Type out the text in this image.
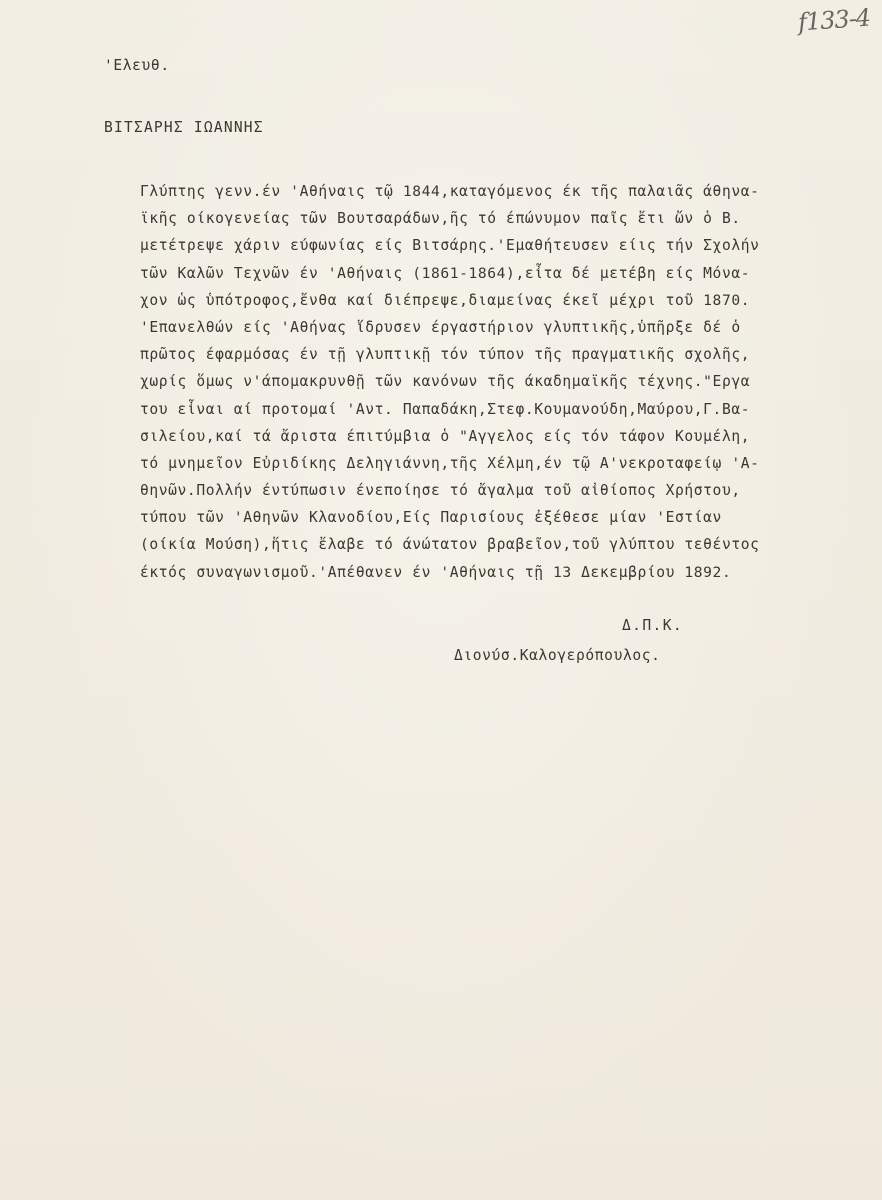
f133-4
'Ελευθ.
ΒΙΤΣΑΡΗΣ ΙΩΑΝΝΗΣ
Γλύπτης γενν.έν 'Αθήναις τῷ 1844,καταγόμενος έκ τῆς παλαιᾶς άθηνα-
ϊκῆς οίκογενείας τῶν Βουτσαράδων,ῆς τό έπώνυμον παῖς ἔτι ὤν ὁ Β.
μετέτρεψε χάριν εύφωνίας είς Βιτσάρης.'Εμαθήτευσεν είις τήν Σχολήν
τῶν Καλῶν Τεχνῶν έν 'Αθήναις (1861-1864),εἶτα δέ μετέβη είς Μόνα-
χον ὡς ὑπότροφος,ἔνθα καί διέπρεψε,διαμείνας έκεῖ μέχρι τοῦ 1870.
'Επανελθών είς 'Αθήνας ἵδρυσεν έργαστήριον γλυπτικῆς,ὑπῆρξε δέ ὁ
πρῶτος έφαρμόσας έν τῇ γλυπτικῇ τόν τύπον τῆς πραγματικῆς σχολῆς,
χωρίς ὅμως ν'άπομακρυνθῇ τῶν κανόνων τῆς άκαδημαϊκῆς τέχνης."Εργα
του εἶναι αί προτομαί 'Αντ. Παπαδάκη,Στεφ.Κουμανούδη,Μαύρου,Γ.Βα-
σιλείου,καί τά ἄριστα έπιτύμβια ὁ "Αγγελος είς τόν τάφον Κουμέλη,
τό μνημεῖον Εὐριδίκης Δεληγιάννη,τῆς Χέλμη,έν τῷ Α'νεκροταφείῳ 'Α-
θηνῶν.Πολλήν έντύπωσιν ένεποίησε τό ἄγαλμα τοῦ αἰθίοπος Χρήστου,
τύπου τῶν 'Αθηνῶν Κλανοδίου,Είς Παρισίους ἐξέθεσε μίαν 'Εστίαν
(οίκία Μούση),ἥτις ἔλαβε τό άνώτατον βραβεῖον,τοῦ γλύπτου τεθέντος
έκτός συναγωνισμοῦ.'Απέθανεν έν 'Αθήναις τῇ 13 Δεκεμβρίου 1892.
Δ.Π.Κ.
Διονύσ.Καλογερόπουλος.
